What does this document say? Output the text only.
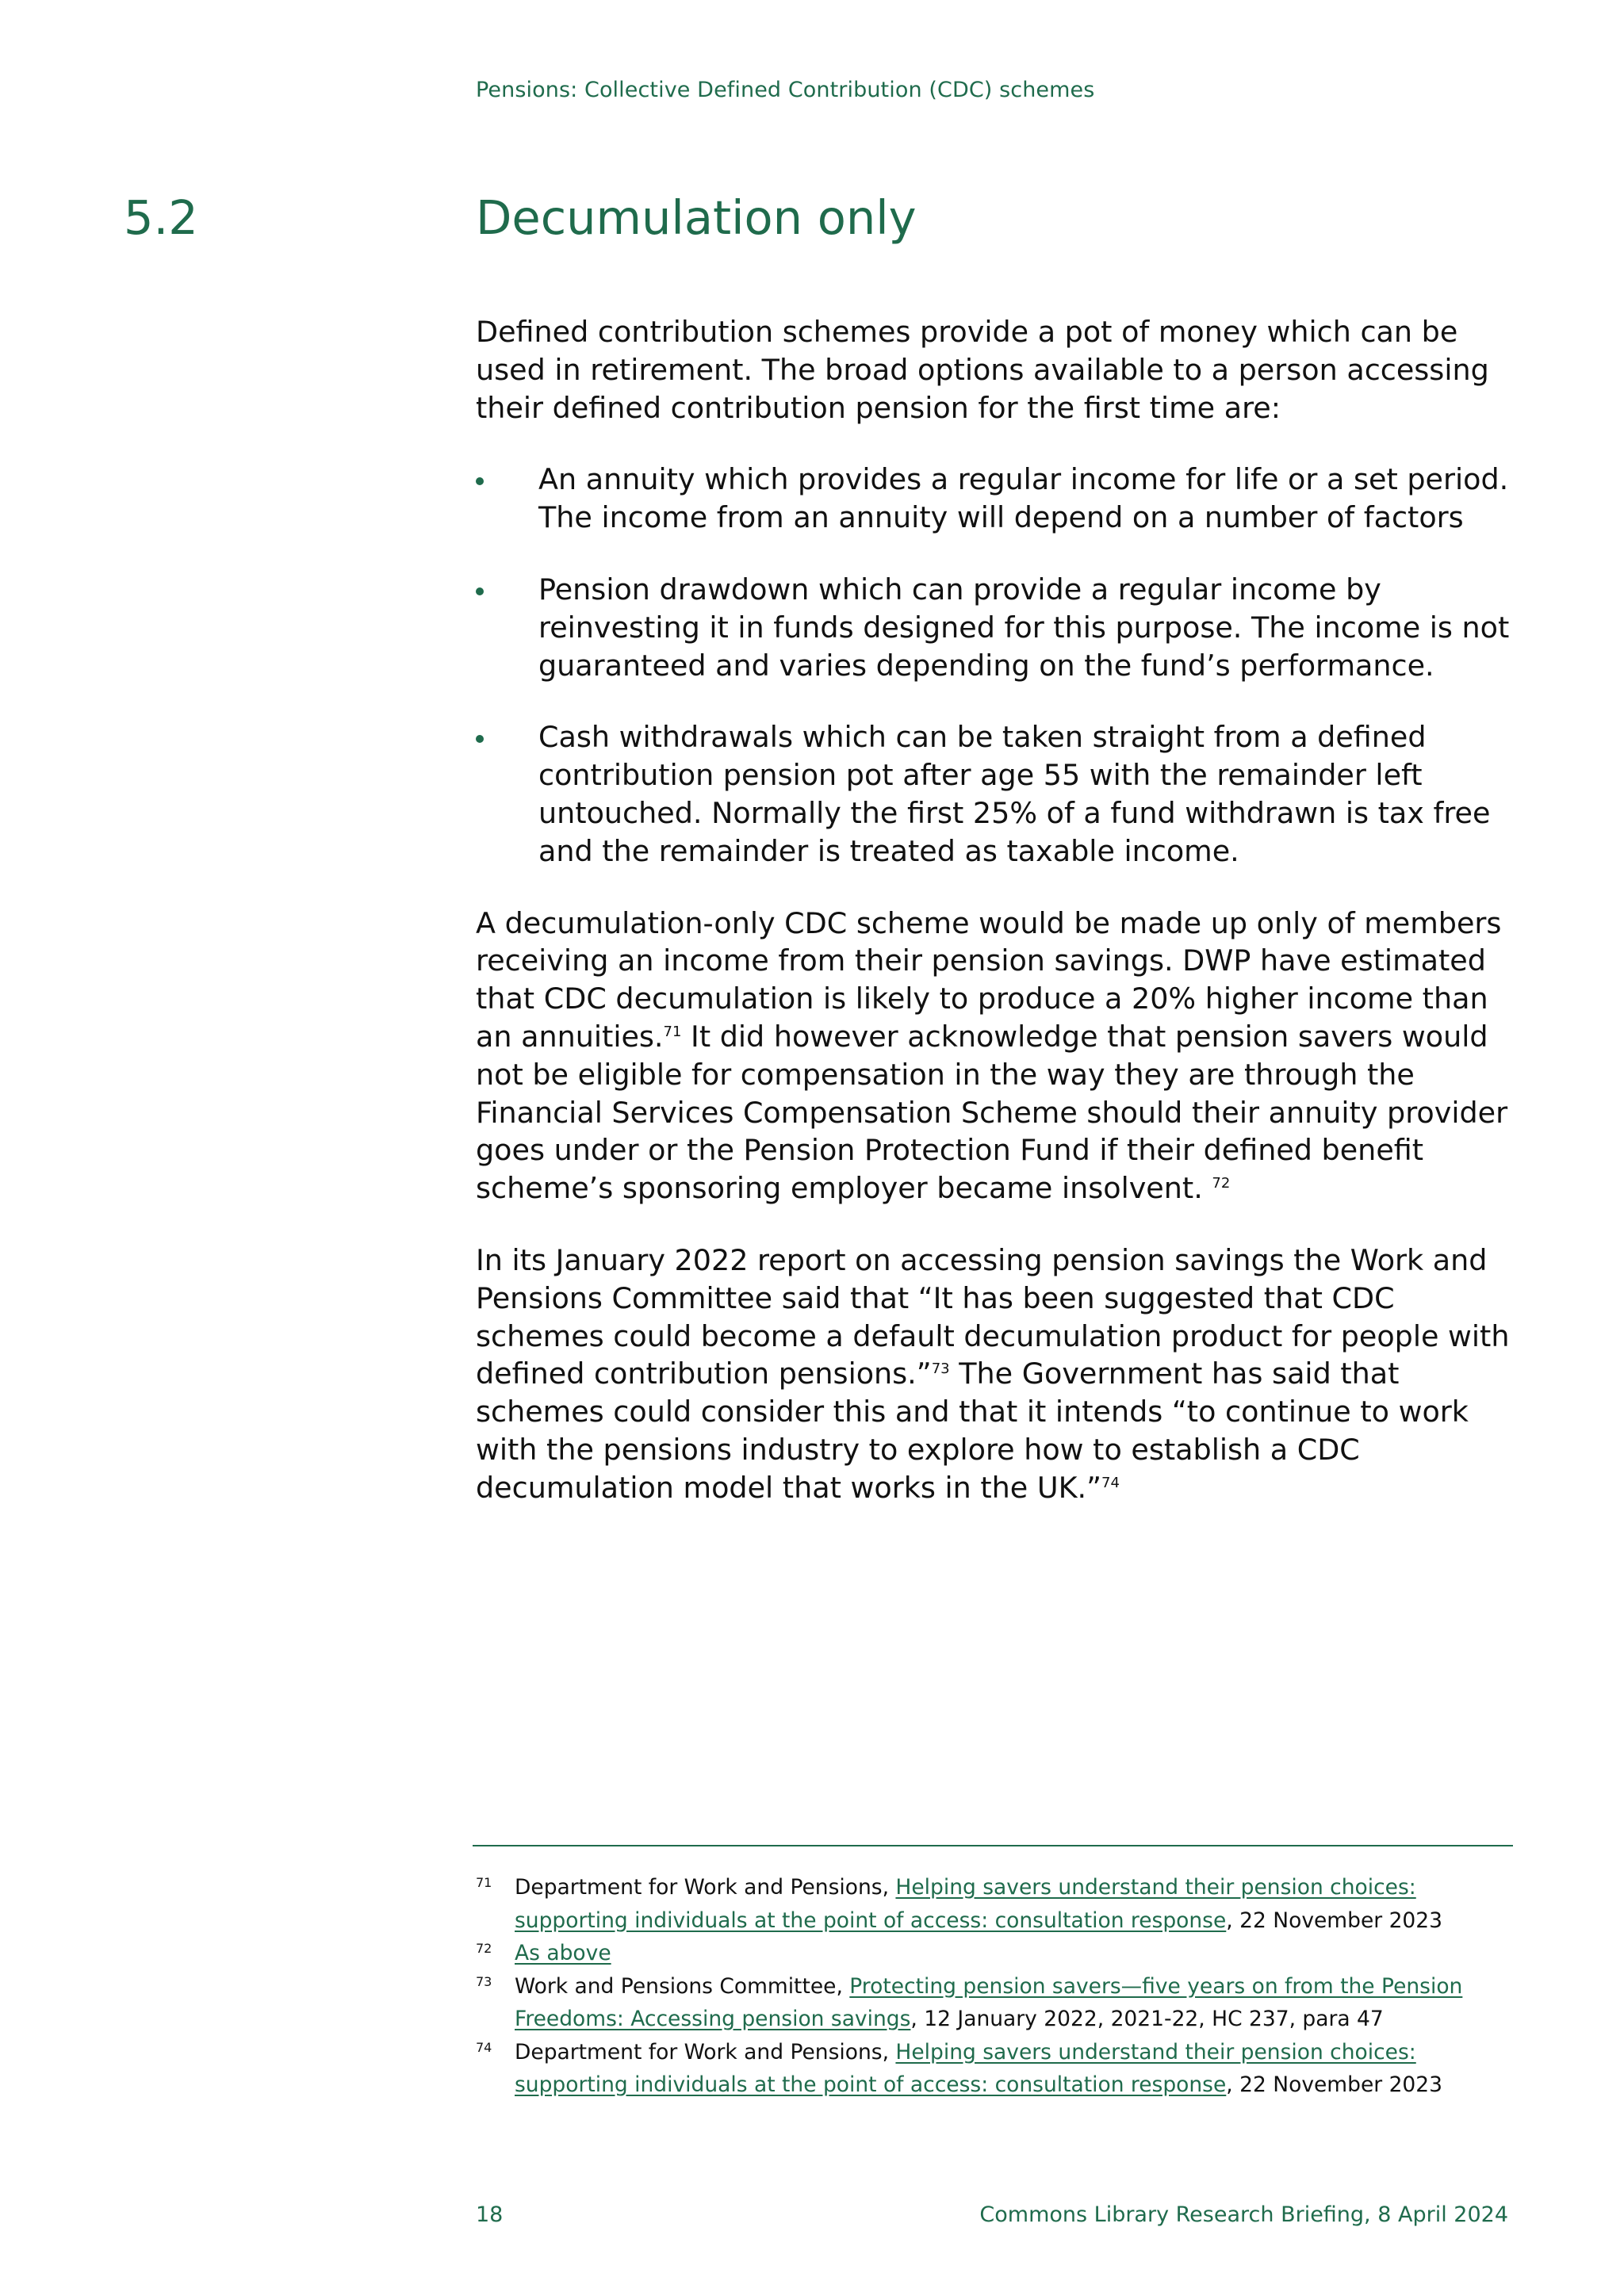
Pensions: Collective Defined Contribution (CDC) schemes
5.2	Decumulation only

Defined contribution schemes provide a pot of money which can be used in retirement. The broad options available to a person accessing their defined contribution pension for the first time are:

An annuity which provides a regular income for life or a set period. The income from an annuity will depend on a number of factors
Pension drawdown which can provide a regular income by reinvesting it in funds designed for this purpose. The income is not guaranteed and varies depending on the fund’s performance.
Cash withdrawals which can be taken straight from a defined contribution pension pot after age 55 with the remainder left untouched. Normally the first 25% of a fund withdrawn is tax free and the remainder is treated as taxable income.

A decumulation-only CDC scheme would be made up only of members receiving an income from their pension savings. DWP have estimated that CDC decumulation is likely to produce a 20% higher income than an annuities.$^{71}$ It did however acknowledge that pension savers would not be eligible for compensation in the way they are through the Financial Services Compensation Scheme should their annuity provider goes under or the Pension Protection Fund if their defined benefit scheme’s sponsoring employer became insolvent. $^{72}$

In its January 2022 report on accessing pension savings the Work and Pensions Committee said that “It has been suggested that CDC schemes could become a default decumulation product for people with defined contribution pensions.”$^{73}$ The Government has said that schemes could consider this and that it intends “to continue to work with the pensions industry to explore how to establish a CDC decumulation model that works in the UK.”$^{74}$

71 Department for Work and Pensions, Helping savers understand their pension choices: supporting individuals at the point of access: consultation response, 22 November 2023
72 As above
73 Work and Pensions Committee, Protecting pension savers—five years on from the Pension Freedoms: Accessing pension savings, 12 January 2022, 2021-22, HC 237, para 47
74 Department for Work and Pensions, Helping savers understand their pension choices: supporting individuals at the point of access: consultation response, 22 November 2023
18	Commons Library Research Briefing, 8 April 2024
